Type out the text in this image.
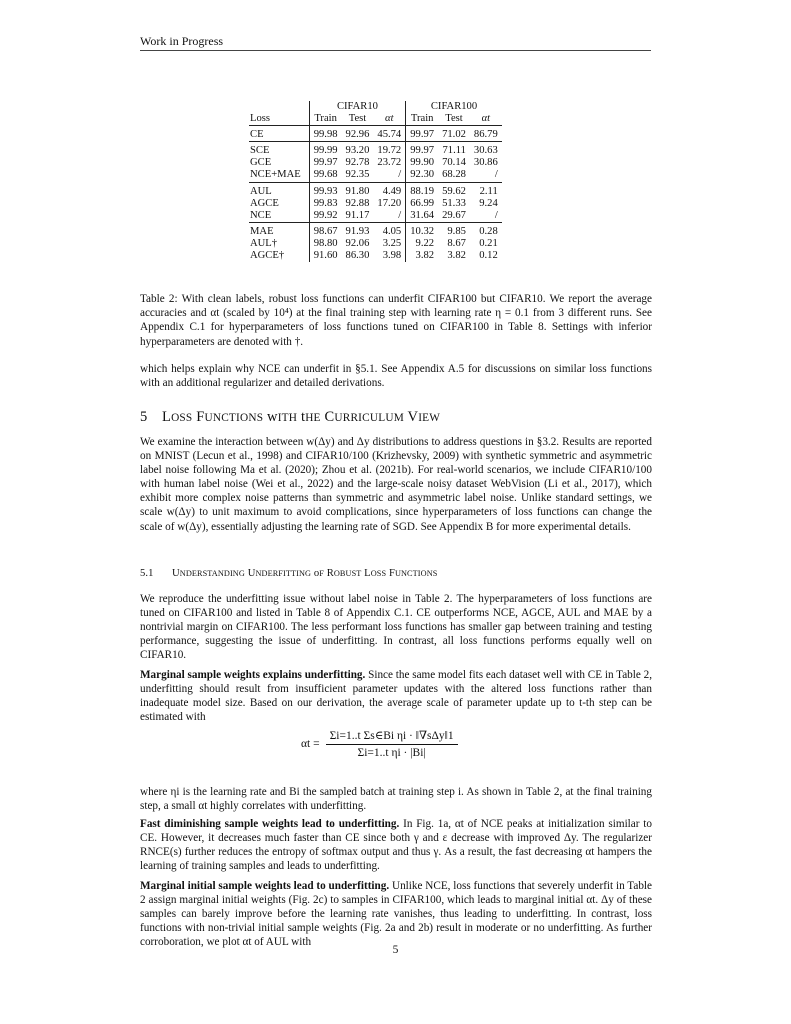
Work in Progress
	CIFAR10			CIFAR100		
Loss	Train	Test	αt	Train	Test	αt

CE	99.98	92.96	45.74	99.97	71.02	86.79

SCE	99.99	93.20	19.72	99.97	71.11	30.63
GCE	99.97	92.78	23.72	99.90	70.14	30.86
NCE+MAE	99.68	92.35	/	92.30	68.28	/

AUL	99.93	91.80	4.49	88.19	59.62	2.11
AGCE	99.83	92.88	17.20	66.99	51.33	9.24
NCE	99.92	91.17	/	31.64	29.67	/

MAE	98.67	91.93	4.05	10.32	9.85	0.28
AUL†	98.80	92.06	3.25	9.22	8.67	0.21
AGCE†	91.60	86.30	3.98	3.82	3.82	0.12
Table 2: With clean labels, robust loss functions can underfit CIFAR100 but CIFAR10. We report the average accuracies and αt (scaled by 10⁴) at the final training step with learning rate η = 0.1 from 3 different runs. See Appendix C.1 for hyperparameters of loss functions tuned on CIFAR100 in Table 8. Settings with inferior hyperparameters are denoted with †.

which helps explain why NCE can underfit in §5.1. See Appendix A.5 for discussions on similar loss functions with an additional regularizer and detailed derivations.

5 LOSS FUNCTIONS wITH tHE CURRICULUM VIEW

We examine the interaction between w(Δy) and Δy distributions to address questions in §3.2. Results are reported on MNIST (Lecun et al., 1998) and CIFAR10/100 (Krizhevsky, 2009) with synthetic symmetric and asymmetric label noise following Ma et al. (2020); Zhou et al. (2021b). For real-world scenarios, we include CIFAR10/100 with human label noise (Wei et al., 2022) and the large-scale noisy dataset WebVision (Li et al., 2017), which exhibit more complex noise patterns than symmetric and asymmetric label noise. Unlike standard settings, we scale w(Δy) to unit maximum to avoid complications, since hyperparameters of loss functions can change the scale of w(Δy), essentially adjusting the learning rate of SGD. See Appendix B for more experimental details.

5.1 UNDERSTANDING UNDERFITTING oF ROBUST LOSS FUNCTIONS

We reproduce the underfitting issue without label noise in Table 2. The hyperparameters of loss functions are tuned on CIFAR100 and listed in Table 8 of Appendix C.1. CE outperforms NCE, AGCE, AUL and MAE by a nontrivial margin on CIFAR100. The less performant loss functions has smaller gap between training and testing performance, suggesting the issue of underfitting. In contrast, all loss functions performs equally well on CIFAR10.

Marginal sample weights explains underfitting. Since the same model fits each dataset well with CE in Table 2, underfitting should result from insufficient parameter updates with the altered loss functions rather than inadequate model size. Based on our derivation, the average scale of parameter update up to t-th step can be estimated with

αt =	Σi=1..t Σs∈Bi ηi · ‖∇sΔy‖1
Σi=1..t ηi · |Bi|

where ηi is the learning rate and Bi the sampled batch at training step i. As shown in Table 2, at the final training step, a small αt highly correlates with underfitting.

Fast diminishing sample weights lead to underfitting. In Fig. 1a, αt of NCE peaks at initialization similar to CE. However, it decreases much faster than CE since both γ and ε decrease with improved Δy. The regularizer RNCE(s) further reduces the entropy of softmax output and thus γ. As a result, the fast decreasing αt hampers the learning of training samples and leads to underfitting.

Marginal initial sample weights lead to underfitting. Unlike NCE, loss functions that severely underfit in Table 2 assign marginal initial weights (Fig. 2c) to samples in CIFAR100, which leads to marginal initial αt. Δy of these samples can barely improve before the learning rate vanishes, thus leading to underfitting. In contrast, loss functions with non-trivial initial sample weights (Fig. 2a and 2b) result in moderate or no underfitting. As further corroboration, we plot αt of AUL with

5
